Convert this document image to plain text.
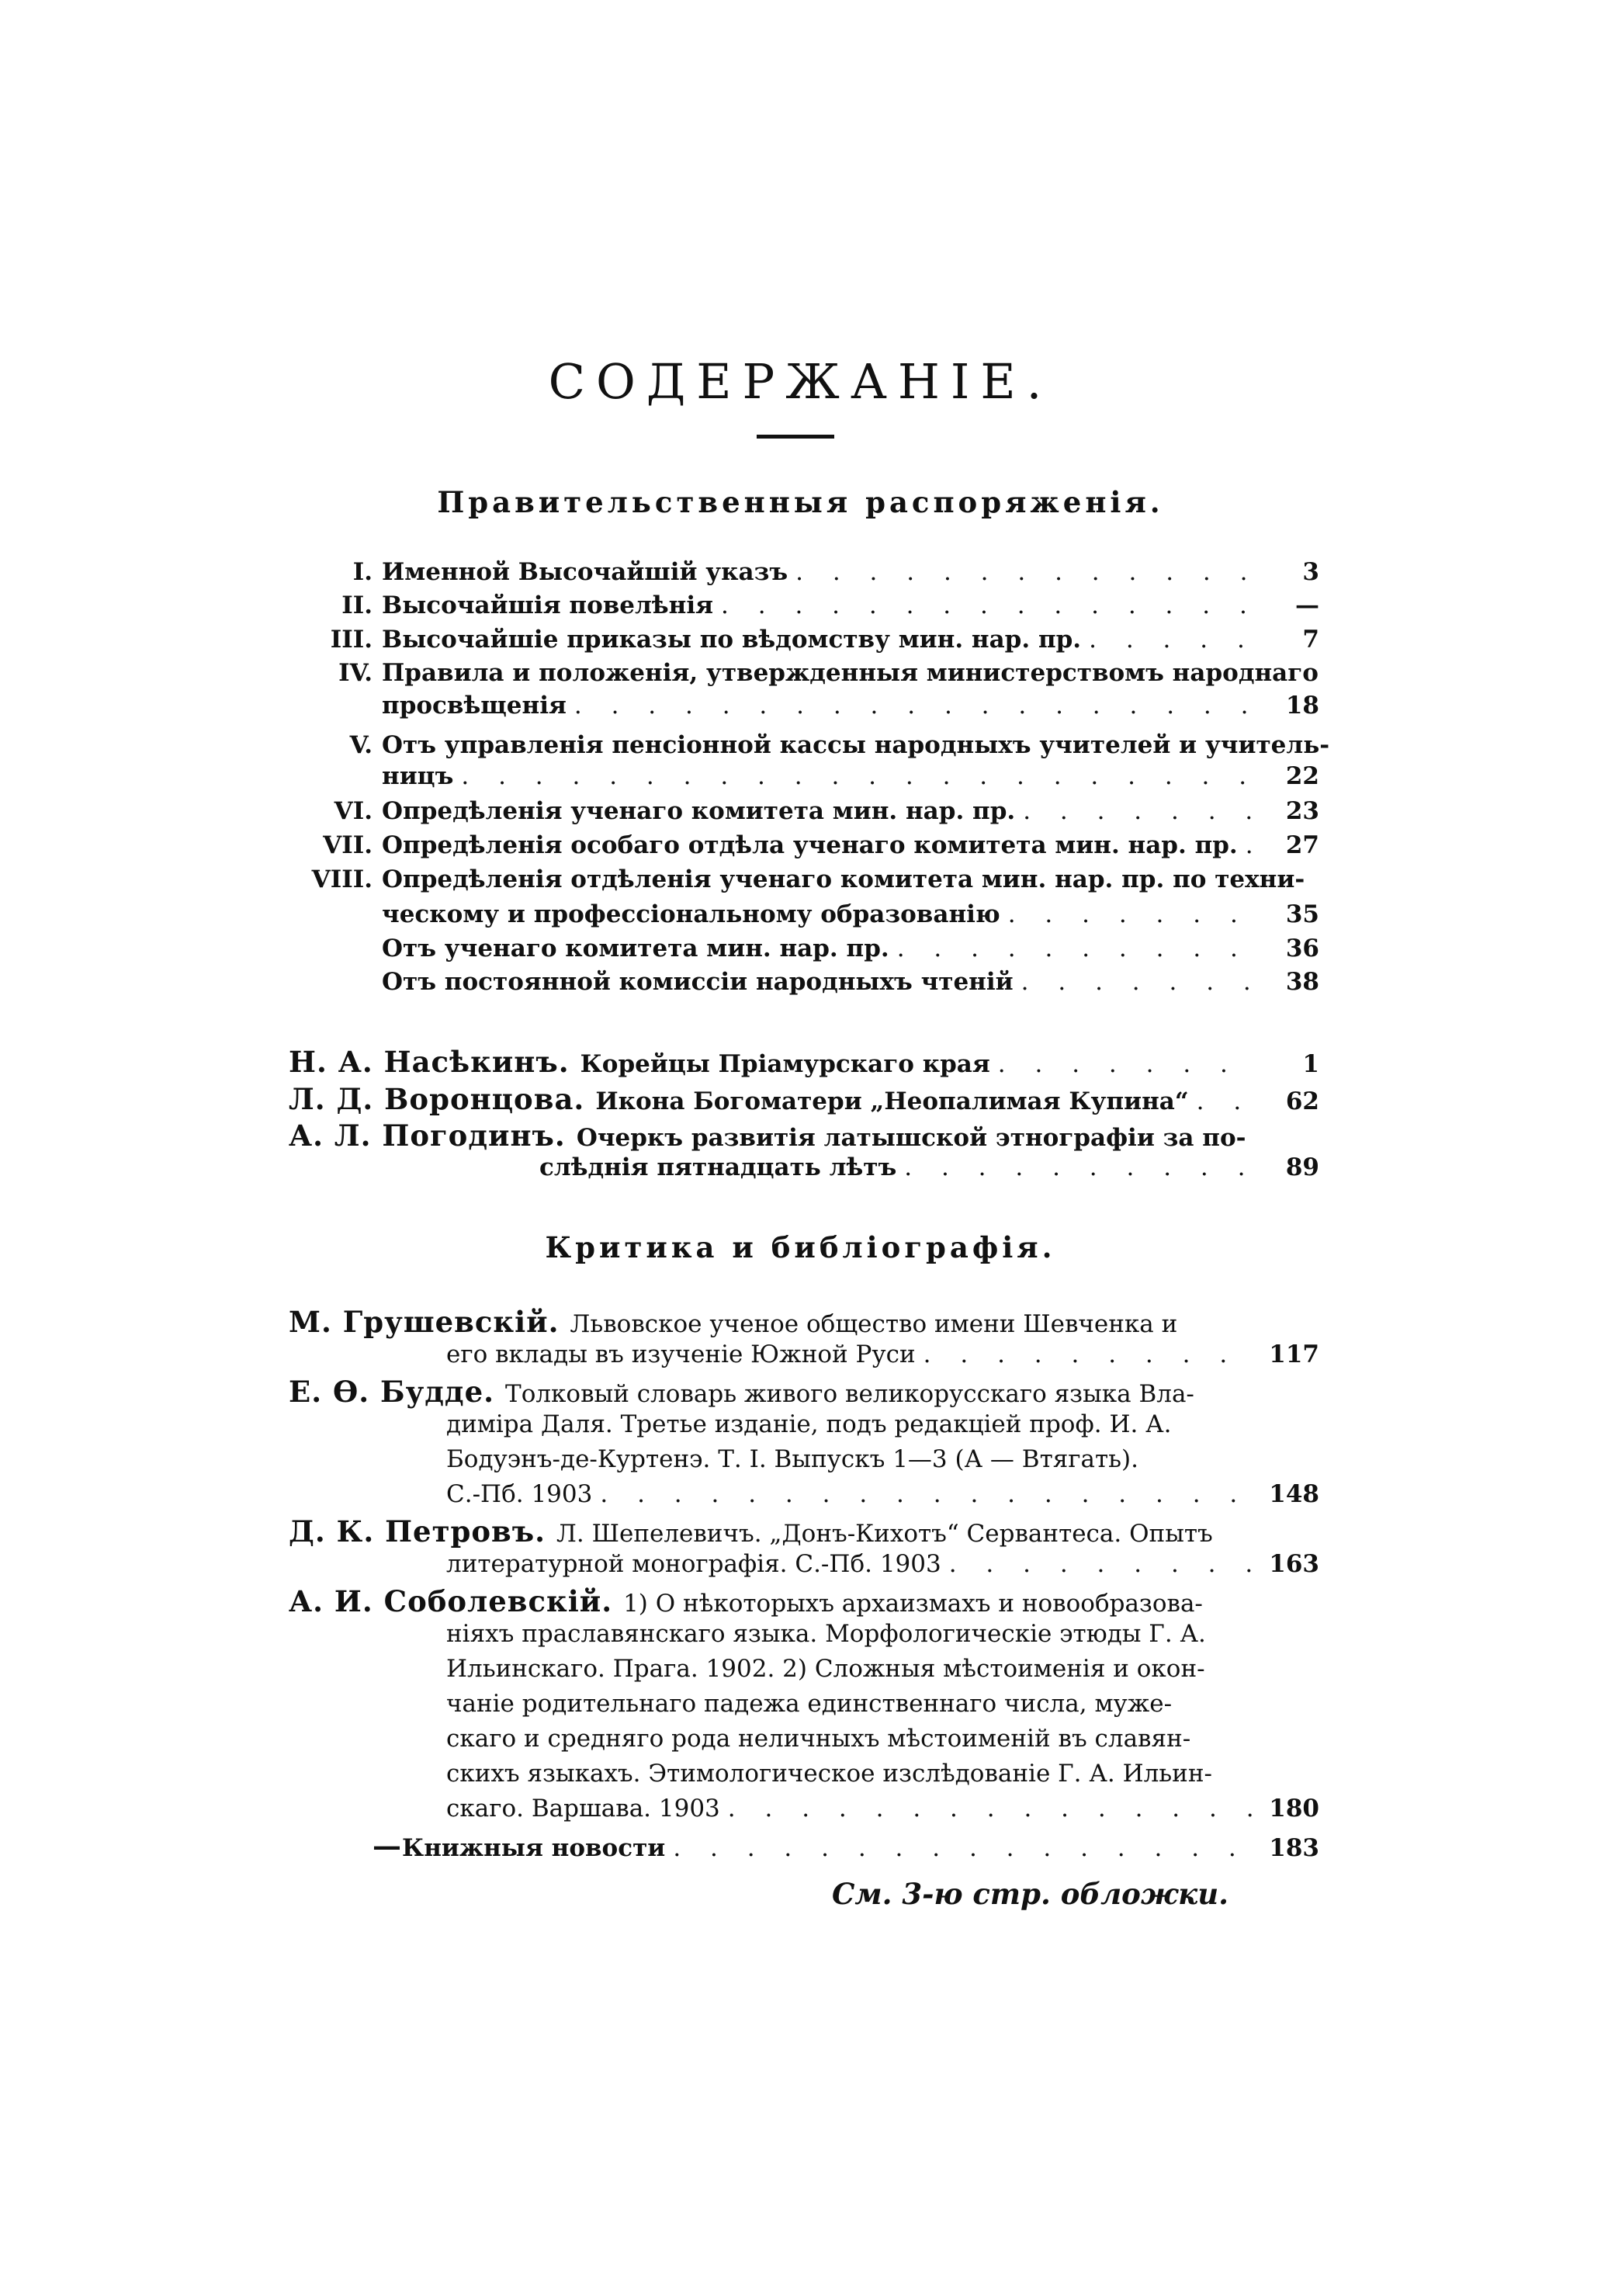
СОДЕРЖАНІЕ.
Правительственныя распоряженія.
I. Именной Высочайшій указъ . . .	3
II. Высочайшія повелѣнія . . .	—
III. Высочайшіе приказы по вѣдомству мин. нар. пр. . . .	7
IV. Правила и положенія, утвержденныя министерствомъ народнаго
просвѣщенія . . .	18
V. Отъ управленія пенсіонной кассы народныхъ учителей и учитель-
ницъ . . .	22
VI. Опредѣленія ученаго комитета мин. нар. пр. . . .	23
VII. Опредѣленія особаго отдѣла ученаго комитета мин. нар. пр. . . .	27
VIII. Опредѣленія отдѣленія ученаго комитета мин. нар. пр. по техни-
ческому и профессіональному образованію . . .	35
Отъ ученаго комитета мин. нар. пр. . . .	36
Отъ постоянной комиссіи народныхъ чтеній . . .	38
Н. А. Насѣкинъ. Корейцы Пріамурскаго края . . .	1
Л. Д. Воронцова. Икона Богоматери „Неопалимая Купина“ . . .	62
А. Л. Погодинъ. Очеркъ развитія латышской этнографіи за по-
слѣднія пятнадцать лѣтъ . . .	89
Критика и библіографія.
М. Грушевскій. Львовское ученое общество имени Шевченка и
его вклады въ изученіе Южной Руси . . .	117
Е. Ѳ. Будде. Толковый словарь живого великорусскаго языка Вла-
диміра Даля. Третье изданіе, подъ редакціей проф. И. А.
Бодуэнъ-де-Куртенэ. Т. I. Выпускъ 1—3 (А — Втягать).
С.-Пб. 1903 . . .	148
Д. К. Петровъ. Л. Шепелевичъ. „Донъ-Кихотъ“ Сервантеса. Опытъ
литературной монографія. С.-Пб. 1903 . . .	163
А. И. Соболевскій. 1) О нѣкоторыхъ архаизмахъ и новообразова-
ніяхъ праславянскаго языка. Морфологическіе этюды Г. А.
Ильинскаго. Прага. 1902. 2) Сложныя мѣстоименія и окон-
чаніе родительнаго падежа единственнаго числа, муже-
скаго и средняго рода неличныхъ мѣстоименій въ славян-
скихъ языкахъ. Этимологическое изслѣдованіе Г. А. Ильин-
скаго. Варшава. 1903 . . .	180
— Книжныя новости . . .	183
См. 3-ю стр. обложки.
